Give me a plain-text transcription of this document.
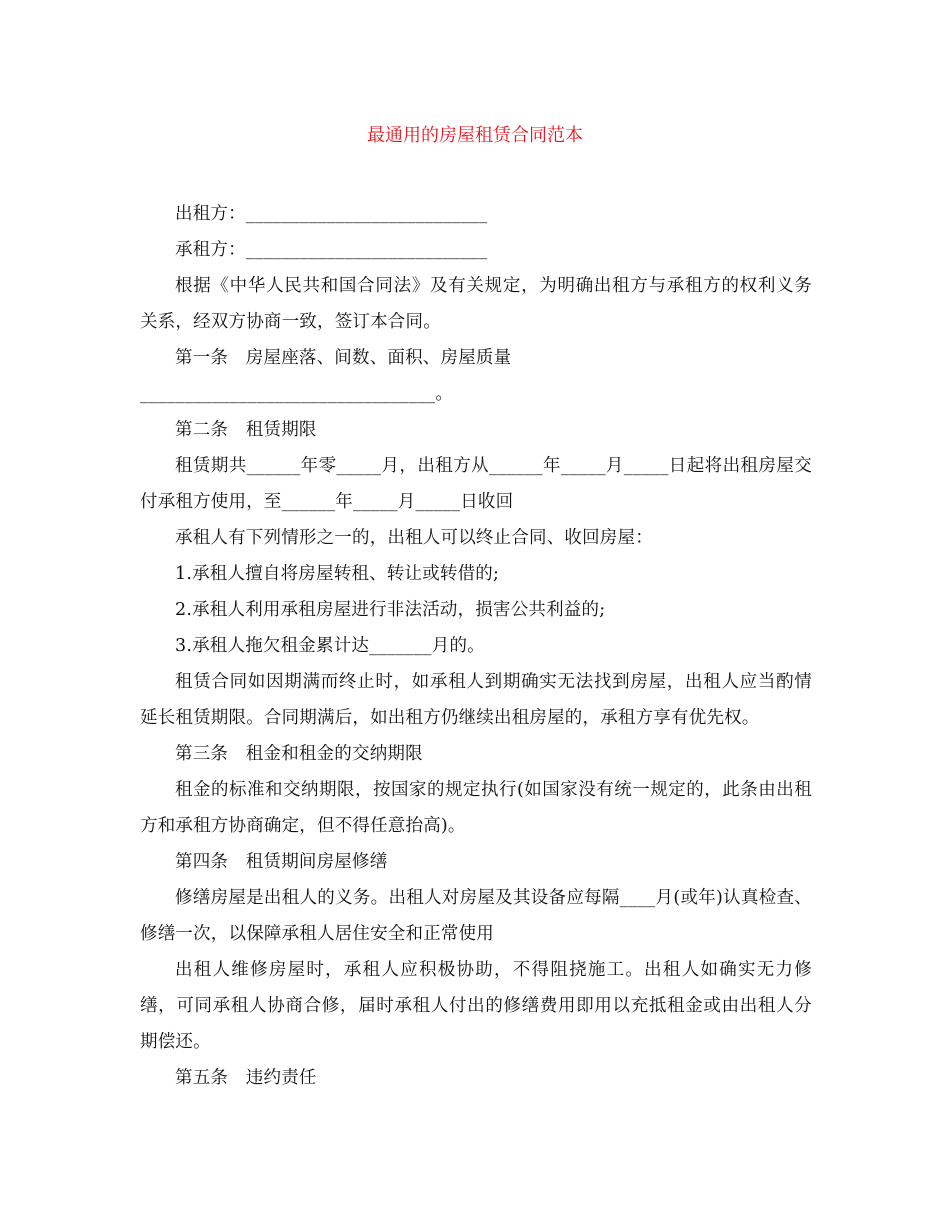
最通用的房屋租赁合同范本

出租方：___________________________

承租方：___________________________

根据《中华人民共和国合同法》及有关规定，为明确出租方与承租方的权利义务关系，经双方协商一致，签订本合同。

第一条　房屋座落、间数、面积、房屋质量

_________________________________。

第二条　租赁期限

租赁期共______年零_____月，出租方从______年_____月_____日起将出租房屋交付承租方使用，至______年_____月_____日收回

承租人有下列情形之一的，出租人可以终止合同、收回房屋：

1.承租人擅自将房屋转租、转让或转借的;

2.承租人利用承租房屋进行非法活动，损害公共利益的;

3.承租人拖欠租金累计达_______月的。

租赁合同如因期满而终止时，如承租人到期确实无法找到房屋，出租人应当酌情延长租赁期限。合同期满后，如出租方仍继续出租房屋的，承租方享有优先权。

第三条　租金和租金的交纳期限

租金的标准和交纳期限，按国家的规定执行(如国家没有统一规定的，此条由出租方和承租方协商确定，但不得任意抬高)。

第四条　租赁期间房屋修缮

修缮房屋是出租人的义务。出租人对房屋及其设备应每隔____月(或年)认真检查、修缮一次，以保障承租人居住安全和正常使用

出租人维修房屋时，承租人应积极协助，不得阻挠施工。出租人如确实无力修缮，可同承租人协商合修，届时承租人付出的修缮费用即用以充抵租金或由出租人分期偿还。

第五条　违约责任
